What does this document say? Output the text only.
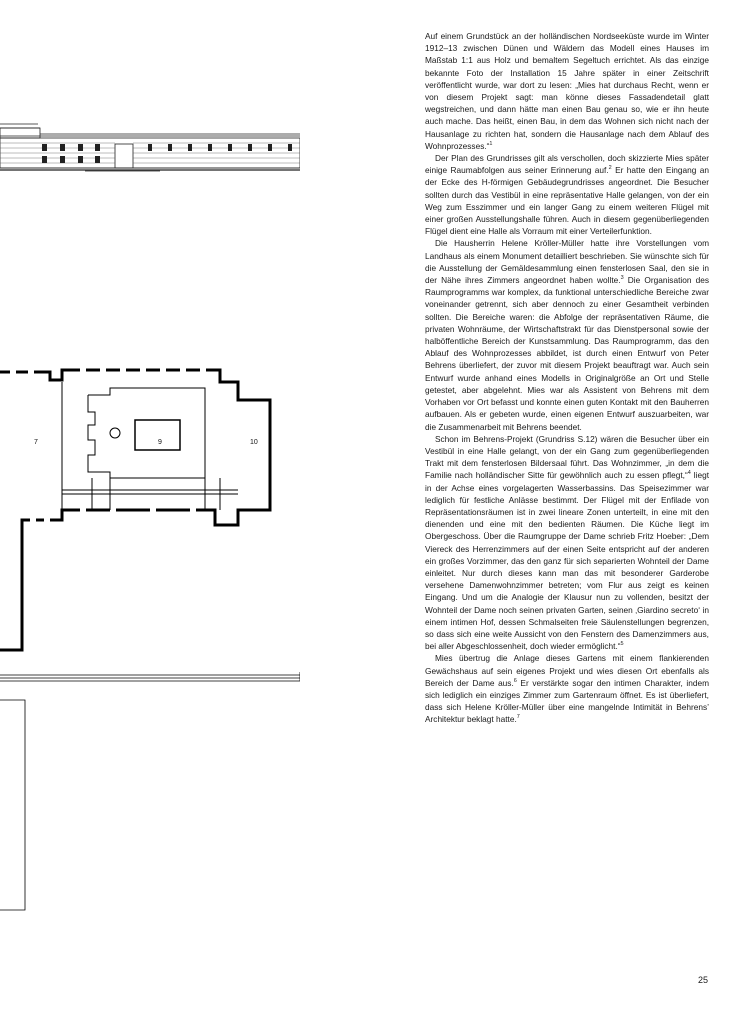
7	9	10

Auf einem Grundstück an der holländischen Nordseeküste wurde im Winter 1912–13 zwischen Dünen und Wäldern das Modell eines Hauses im Maßstab 1:1 aus Holz und bemaltem Segeltuch errichtet. Als das einzige bekannte Foto der Installation 15 Jahre später in einer Zeitschrift veröffentlicht wurde, war dort zu lesen: „Mies hat durchaus Recht, wenn er von diesem Projekt sagt: man könne dieses Fassadendetail glatt wegstreichen, und dann hätte man einen Bau genau so, wie er ihn heute auch mache. Das heißt, einen Bau, in dem das Wohnen sich nicht nach der Hausanlage zu richten hat, sondern die Hausanlage nach dem Ablauf des Wohnprozesses.“$^1$

Der Plan des Grundrisses gilt als verschollen, doch skizzierte Mies später einige Raumabfolgen aus seiner Erinnerung auf.$^2$ Er hatte den Eingang an der Ecke des H-förmigen Gebäudegrundrisses angeordnet. Die Besucher sollten durch das Vestibül in eine repräsentative Halle gelangen, von der ein Weg zum Esszimmer und ein langer Gang zu einem weiteren Flügel mit einer großen Ausstellungshalle führen. Auch in diesem gegenüberliegenden Flügel dient eine Halle als Vorraum mit einer Verteilerfunktion.

Die Hausherrin Helene Kröller-Müller hatte ihre Vorstellungen vom Landhaus als einem Monument detailliert beschrieben. Sie wünschte sich für die Ausstellung der Gemäldesammlung einen fensterlosen Saal, den sie in der Nähe ihres Zimmers angeordnet haben wollte.$^3$ Die Organisation des Raumprogramms war komplex, da funktional unterschiedliche Bereiche zwar voneinander getrennt, sich aber dennoch zu einer Gesamtheit verbinden sollten. Die Bereiche waren: die Abfolge der repräsentativen Räume, die privaten Wohnräume, der Wirtschaftstrakt für das Dienstpersonal sowie der halböffentliche Bereich der Kunstsammlung. Das Raumprogramm, das den Ablauf des Wohnprozesses abbildet, ist durch einen Entwurf von Peter Behrens überliefert, der zuvor mit diesem Projekt beauftragt war. Auch sein Entwurf wurde anhand eines Modells in Originalgröße an Ort und Stelle getestet, aber abgelehnt. Mies war als Assistent von Behrens mit dem Vorhaben vor Ort befasst und konnte einen guten Kontakt mit den Bauherren aufbauen. Als er gebeten wurde, einen eigenen Entwurf auszuarbeiten, war die Zusammenarbeit mit Behrens beendet.

Schon im Behrens-Projekt (Grundriss S.12) wären die Besucher über ein Vestibül in eine Halle gelangt, von der ein Gang zum gegenüberliegenden Trakt mit dem fensterlosen Bildersaal führt. Das Wohnzimmer, „in dem die Familie nach holländischer Sitte für gewöhnlich auch zu essen pflegt,“$^4$ liegt in der Achse eines vorgelagerten Wasserbassins. Das Speisezimmer war lediglich für festliche Anlässe bestimmt. Der Flügel mit der Enfilade von Repräsentationsräumen ist in zwei lineare Zonen unterteilt, in eine mit den dienenden und eine mit den bedienten Räumen. Die Küche liegt im Obergeschoss. Über die Raumgruppe der Dame schrieb Fritz Hoeber: „Dem Viereck des Herrenzimmers auf der einen Seite entspricht auf der anderen ein großes Vorzimmer, das den ganz für sich separierten Wohnteil der Dame einleitet. Nur durch dieses kann man das mit besonderer Garderobe versehene Damenwohnzimmer betreten; vom Flur aus zeigt es keinen Eingang. Und um die Analogie der Klausur nun zu vollenden, besitzt der Wohnteil der Dame noch seinen privaten Garten, seinen ‚Giardino secreto‘ in einem intimen Hof, dessen Schmalseiten freie Säulenstellungen begrenzen, so dass sich eine weite Aussicht von den Fenstern des Damenzimmers aus, bei aller Abgeschlossenheit, doch wieder ermöglicht.“$^5$

Mies übertrug die Anlage dieses Gartens mit einem flankierenden Gewächshaus auf sein eigenes Projekt und wies diesen Ort ebenfalls als Bereich der Dame aus.$^6$ Er verstärkte sogar den intimen Charakter, indem sich lediglich ein einziges Zimmer zum Gartenraum öffnet. Es ist überliefert, dass sich Helene Kröller-Müller über eine mangelnde Intimität in Behrens’ Architektur beklagt hatte.$^7$

25
